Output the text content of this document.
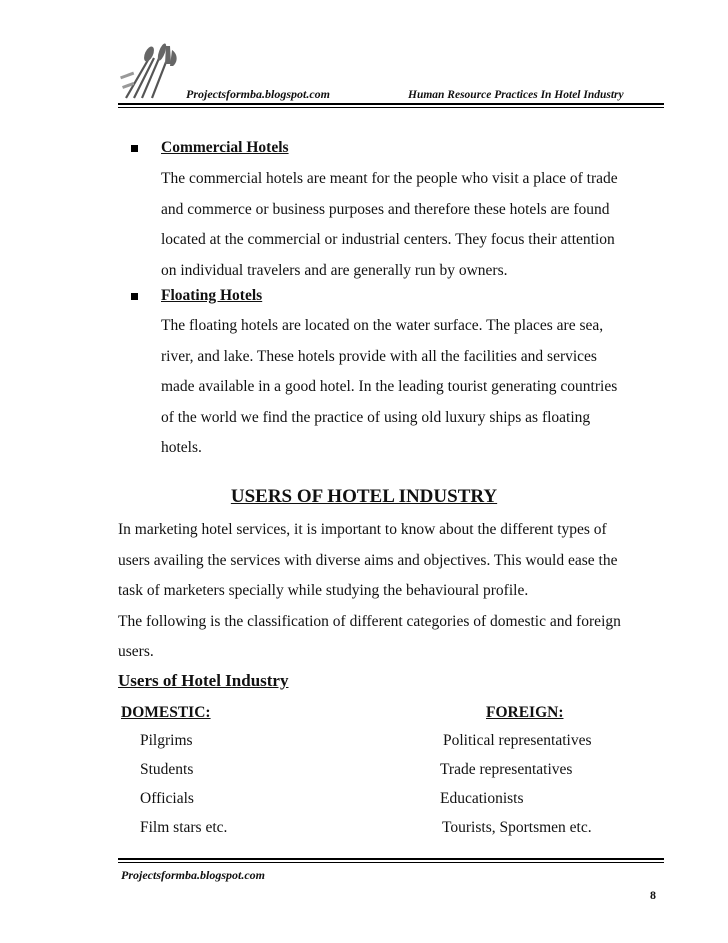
Projectsformba.blogspot.com	Human Resource Practices In Hotel Industry
Commercial Hotels
The commercial hotels are meant for the people who visit a place of trade
and commerce or business purposes and therefore these hotels are found
located at the commercial or industrial centers. They focus their attention
on individual travelers and are generally run by owners.
Floating Hotels
The floating hotels are located on the water surface. The places are sea,
river, and lake. These hotels provide with all the facilities and services
made available in a good hotel. In the leading tourist generating countries
of the world we find the practice of using old luxury ships as floating
hotels.
USERS OF HOTEL INDUSTRY
In marketing hotel services, it is important to know about the different types of
users availing the services with diverse aims and objectives. This would ease the
task of marketers specially while studying the behavioural profile.
The following is the classification of different categories of domestic and foreign
users.
Users of Hotel Industry
DOMESTIC:
Pilgrims
Students
Officials
Film stars etc.
FOREIGN:
Political representatives
Trade representatives
Educationists
Tourists, Sportsmen etc.
Projectsformba.blogspot.com
8
